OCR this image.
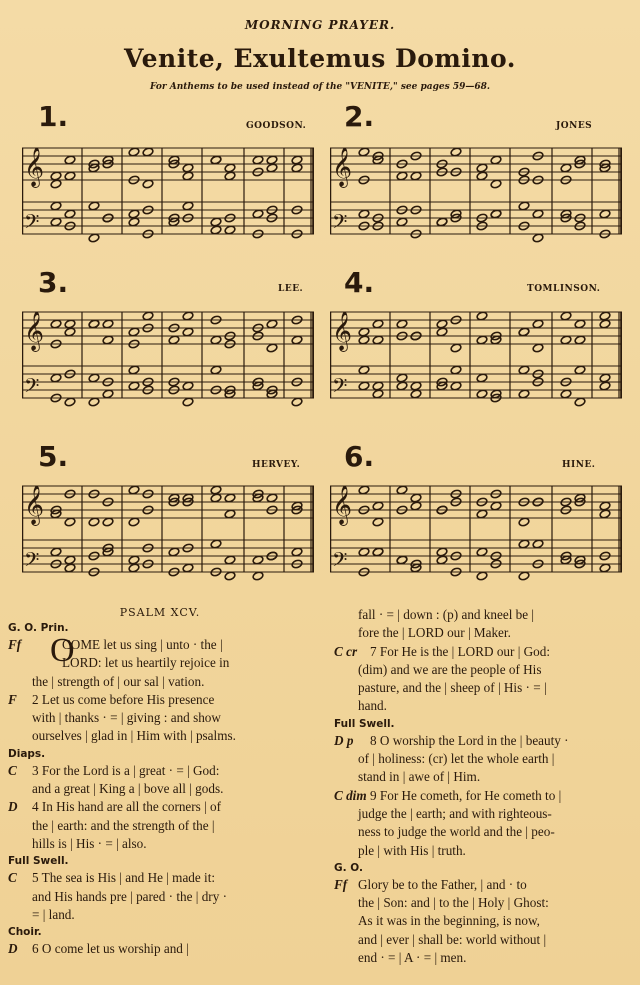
MORNING PRAYER.
Venite, Exultemus Domino.
For Anthems to be used instead of the "VENITE," see pages 59—68.
1.	GOODSON. 2.	JONES
3.	LEE. 4.	TOMLINSON.
5.	HERVEY. 6.	HINE.
𝄞
𝄢
𝄞
𝄢
𝄞
𝄢
𝄞
𝄢
𝄞
𝄢
𝄞
𝄢
PSALM XCV.
O
G. O. Prin.
Ff	COME let us sing | unto · the |
LORD: let us heartily rejoice in
the | strength of | our sal | vation.
F 2 Let us come before His presence
with | thanks · = | giving : and show
ourselves | glad in | Him with | psalms.
Diaps.
C 3 For the Lord is a | great · = | God:
and a great | King a | bove all | gods.
D 4 In His hand are all the corners | of
the | earth: and the strength of the |
hills is | His · = | also.
Full Swell.
C 5 The sea is His | and He | made it:
and His hands pre | pared · the | dry ·
= | land.
Choir.
D 6 O come let us worship and |
fall · = | down : (p) and kneel be |
fore the | LORD our | Maker.
C cr 7 For He is the | LORD our | God:
(dim) and we are the people of His
pasture, and the | sheep of | His · = |
hand.
Full Swell.
D p 8 O worship the Lord in the | beauty ·
of | holiness: (cr) let the whole earth |
stand in | awe of | Him.
C dim 9 For He cometh, for He cometh to |
judge the | earth; and with righteous-
ness to judge the world and the | peo-
ple | with His | truth.
G. O.
Ff Glory be to the Father, | and · to
the | Son: and | to the | Holy | Ghost:
As it was in the beginning, is now,
and | ever | shall be: world without |
end · = | A · = | men.
